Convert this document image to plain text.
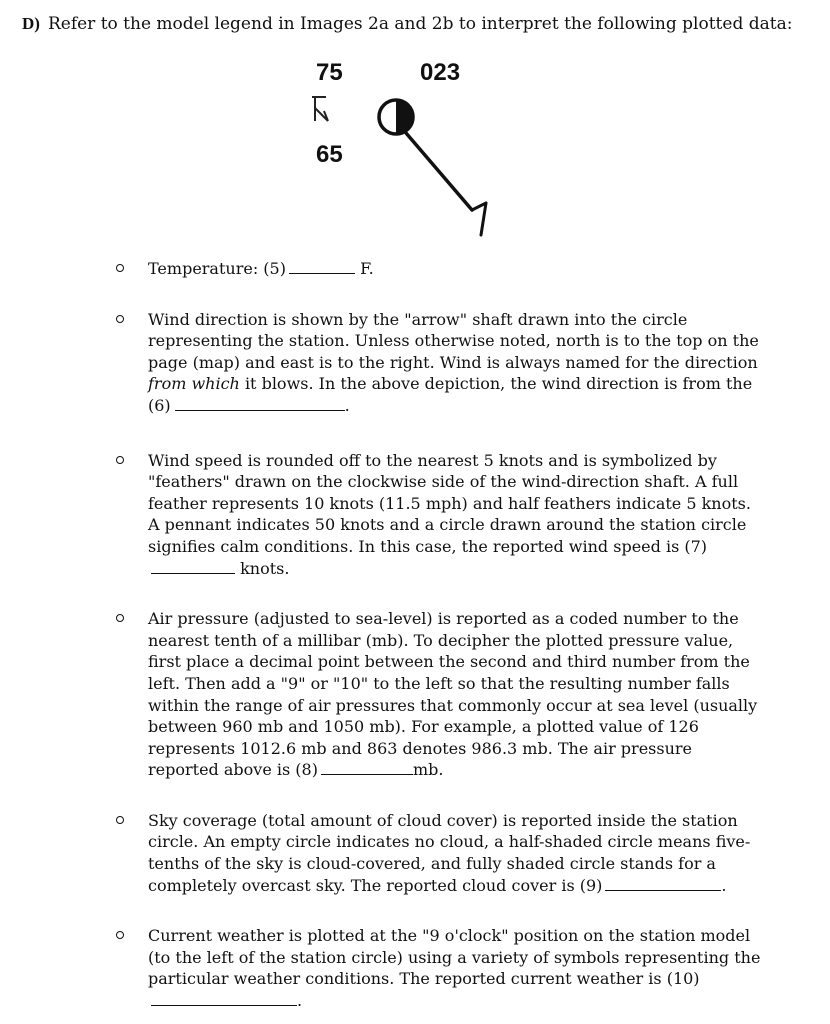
D) Refer to the model legend in Images 2a and 2b to interpret the following plotted data:
75
65
023
Temperature: (5)	F.
Wind direction is shown by the "arrow" shaft drawn into the circle representing the station. Unless otherwise noted, north is to the top on the page (map) and east is to the right. Wind is always named for the direction from which it blows. In the above depiction, the wind direction is from the (6)	.
Wind speed is rounded off to the nearest 5 knots and is symbolized by "feathers" drawn on the clockwise side of the wind-direction shaft. A full feather represents 10 knots (11.5 mph) and half feathers indicate 5 knots. A pennant indicates 50 knots and a circle drawn around the station circle signifies calm conditions. In this case, the reported wind speed is (7) knots.
Air pressure (adjusted to sea-level) is reported as a coded number to the nearest tenth of a millibar (mb). To decipher the plotted pressure value, first place a decimal point between the second and third number from the left. Then add a "9" or "10" to the left so that the resulting number falls within the range of air pressures that commonly occur at sea level (usually between 960 mb and 1050 mb). For example, a plotted value of 126 represents 1012.6 mb and 863 denotes 986.3 mb. The air pressure reported above is (8)	mb.
Sky coverage (total amount of cloud cover) is reported inside the station circle. An empty circle indicates no cloud, a half-shaded circle means five-tenths of the sky is cloud-covered, and fully shaded circle stands for a completely overcast sky. The reported cloud cover is (9)	.
Current weather is plotted at the "9 o'clock" position on the station model (to the left of the station circle) using a variety of symbols representing the particular weather conditions. The reported current weather is (10).
